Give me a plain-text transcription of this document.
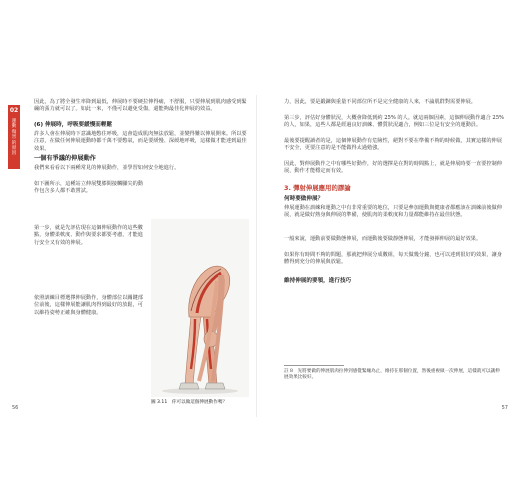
02
運動傷害的原因

因此，為了將全發生率降到最低，伸展時不要硬拉伸得痛，不舒服，只要伸展到肌肉感受到緊繃的張力就可以了。如此一來，不僅可以避免受傷，還能夠最佳化伸展的效益。

(6) 伸展時，呼吸要緩慢而輕鬆

許多人會在伸展時下意識地憋住呼吸，這會造成肌肉無法放鬆，並變得難以伸展開來。所以要注意，在做任何伸展運動時都千萬不要憋氣，而是要緩慢、深緩地呼吸，這樣做才能達到最佳效果。

一個有爭議的伸展動作

我們來看看以下兩種常見的伸展動作，並學習如何安全地進行。

如下圖所示，這種站立伸展雙膝間接觸腳尖的動作包含多人都不敢嘗試。

第一步，就是先評估現在這個伸展動作的這些數點，身體柔軟度、動作與要求都要考慮，才能進行安全又有效的伸展。

依照訓練目標選擇伸展動作，身體部位以關鍵部位前後，這樣伸展能讓肌肉得到最好的放鬆，可以維持姿勢正確與身體健康。

圖 3.11　你可以做這個伸展動作嗎？
56

力，因此，要是鍛鍊與重量不同部位所不是完全健康的人來，不論肌群對需要伸展。

第三步，評估好身體狀況，大概會降低到約 25% 的人。就這兩個因素，這個伸展動作適合 25% 的人，如果，這些人都是經過良好訓練、體質狀況適合，例如三位是有安全的運動員。

最後要提醒讀者的是，這個伸展動作有危險性，絕對不要在準備不夠的時候做，其實這樣的伸展不安全，更要注意的是不能做得太過勉強。

因此，對伸展動作之中有哪些好動作，好的選擇是在對的時間點上，就是伸展時要一直要控制伸展，動作才能穩定而有效。

3. 彈射伸展應用的謬論

何時要做伸展？

伸展運動在訓練和運動之中有非常重要的地位，只要是參加運動與健康者都應該在訓練前後做伸展，就是做好熱身與伸展的準備，使肌肉的柔軟度和力量都能維持在最佳狀態。

一般來說，運動前要做動態伸展，而運動後要做靜態伸展，才能發揮伸展的最好效果。

如果你有時間不夠的問題，那就把伸展分成數組，每天做幾分鐘，也可以達到很好的效果，讓身體得到充分的伸展與放鬆。

維持伸展的要領，進行技巧

註 8　先將要做的伸展肌肉拉伸到感覺緊繃為止，維持在那個位置，然後重複做一次伸展，這樣就可以讓伸展效果比較好。

57
